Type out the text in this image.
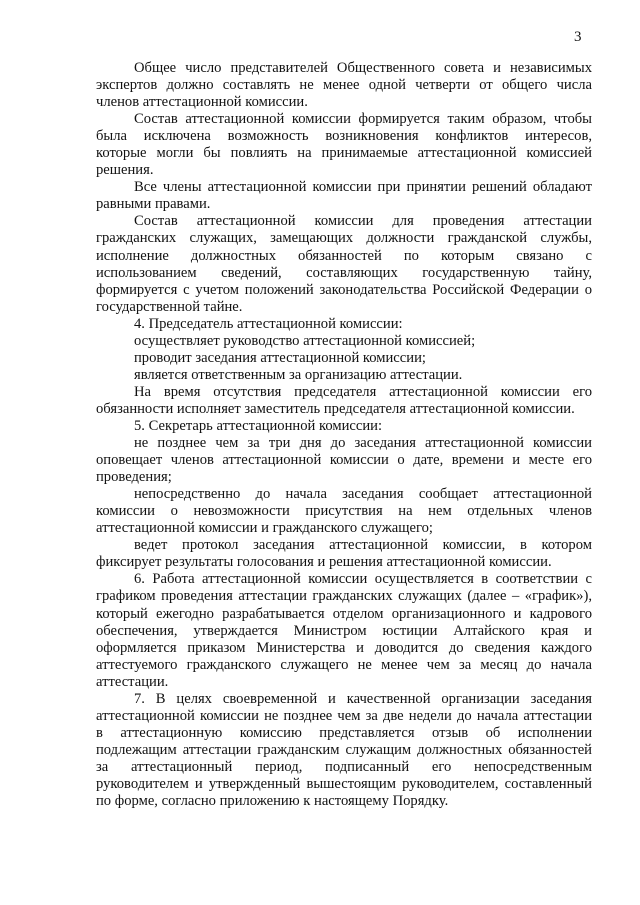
3
Общее число представителей Общественного совета и независимых
экспертов должно составлять не менее одной четверти от общего числа
членов аттестационной комиссии.
Состав аттестационной комиссии формируется таким образом, чтобы
была исключена возможность возникновения конфликтов интересов,
которые могли бы повлиять на принимаемые аттестационной комиссией
решения.
Все члены аттестационной комиссии при принятии решений обладают
равными правами.
Состав аттестационной комиссии для проведения аттестации
гражданских служащих, замещающих должности гражданской службы,
исполнение должностных обязанностей по которым связано с
использованием сведений, составляющих государственную тайну,
формируется с учетом положений законодательства Российской Федерации о
государственной тайне.
4. Председатель аттестационной комиссии:
осуществляет руководство аттестационной комиссией;
проводит заседания аттестационной комиссии;
является ответственным за организацию аттестации.
На время отсутствия председателя аттестационной комиссии его
обязанности исполняет заместитель председателя аттестационной комиссии.
5. Секретарь аттестационной комиссии:
не позднее чем за три дня до заседания аттестационной комиссии
оповещает членов аттестационной комиссии о дате, времени и месте его
проведения;
непосредственно до начала заседания сообщает аттестационной
комиссии о невозможности присутствия на нем отдельных членов
аттестационной комиссии и гражданского служащего;
ведет протокол заседания аттестационной комиссии, в котором
фиксирует результаты голосования и решения аттестационной комиссии.
6. Работа аттестационной комиссии осуществляется в соответствии с
графиком проведения аттестации гражданских служащих (далее – «график»),
который ежегодно разрабатывается отделом организационного и кадрового
обеспечения, утверждается Министром юстиции Алтайского края и
оформляется приказом Министерства и доводится до сведения каждого
аттестуемого гражданского служащего не менее чем за месяц до начала
аттестации.
7. В целях своевременной и качественной организации заседания
аттестационной комиссии не позднее чем за две недели до начала аттестации
в аттестационную комиссию представляется отзыв об исполнении
подлежащим аттестации гражданским служащим должностных обязанностей
за аттестационный период, подписанный его непосредственным
руководителем и утвержденный вышестоящим руководителем, составленный
по форме, согласно приложению к настоящему Порядку.
